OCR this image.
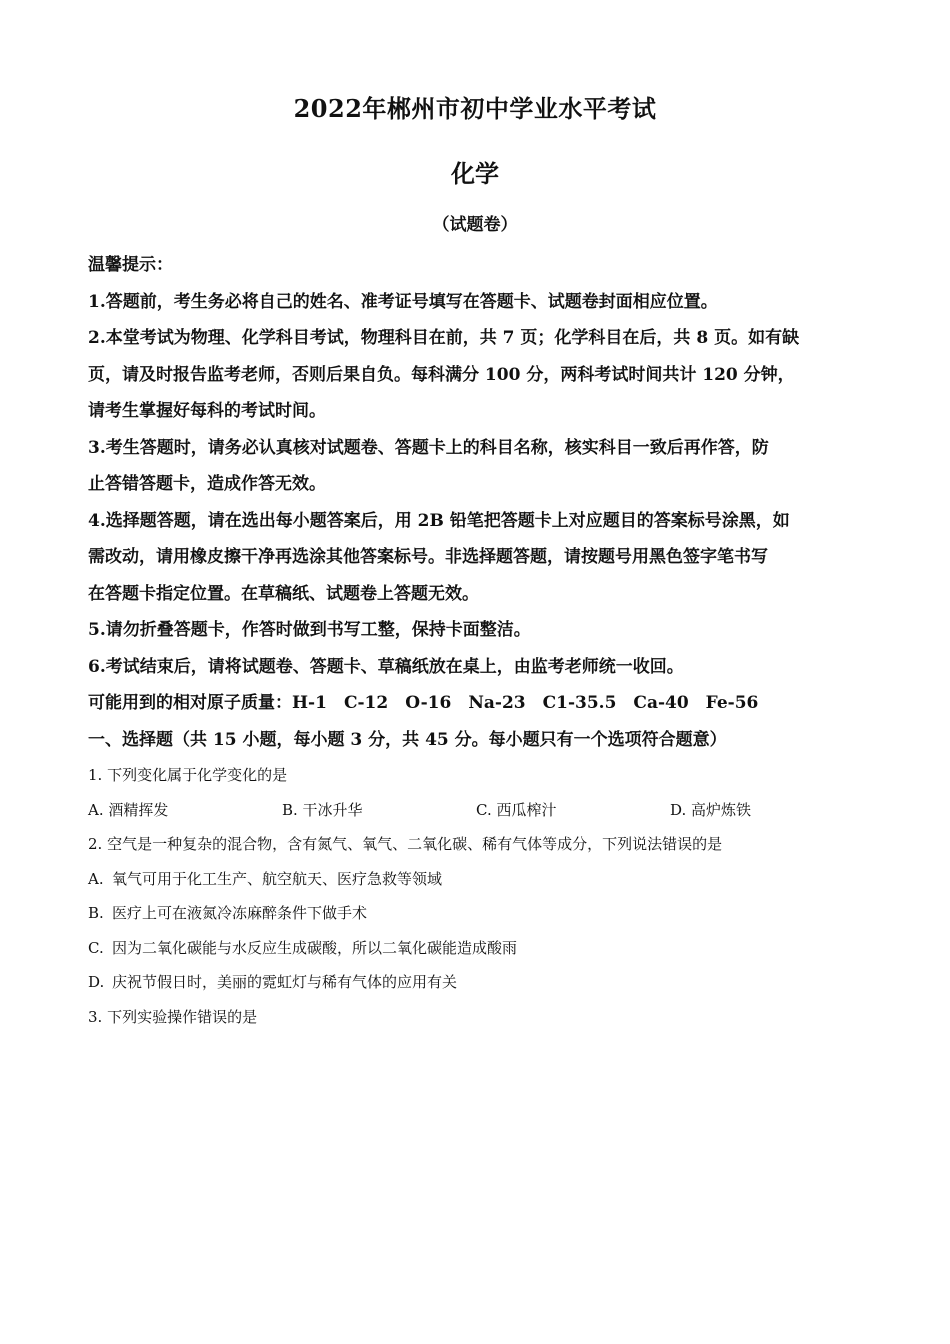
2022年郴州市初中学业水平考试
化学
（试题卷）

温馨提示：

1.答题前，考生务必将自己的姓名、准考证号填写在答题卡、试题卷封面相应位置。

2.本堂考试为物理、化学科目考试，物理科目在前，共 7 页；化学科目在后，共 8 页。如有缺

页，请及时报告监考老师，否则后果自负。每科满分 100 分，两科考试时间共计 120 分钟，

请考生掌握好每科的考试时间。

3.考生答题时，请务必认真核对试题卷、答题卡上的科目名称，核实科目一致后再作答，防

止答错答题卡，造成作答无效。

4.选择题答题，请在选出每小题答案后，用 2B 铅笔把答题卡上对应题目的答案标号涂黑，如

需改动，请用橡皮擦干净再选涂其他答案标号。非选择题答题，请按题号用黑色签字笔书写

在答题卡指定位置。在草稿纸、试题卷上答题无效。

5.请勿折叠答题卡，作答时做到书写工整，保持卡面整洁。

6.考试结束后，请将试题卷、答题卡、草稿纸放在桌上，由监考老师统一收回。

可能用到的相对原子质量：H-1　C-12　O-16　Na-23　C1-35.5　Ca-40　Fe-56

一、选择题（共 15 小题，每小题 3 分，共 45 分。每小题只有一个选项符合题意）

1. 下列变化属于化学变化的是

A. 酒精挥发	B. 干冰升华	C. 西瓜榨汁	D. 高炉炼铁

2. 空气是一种复杂的混合物，含有氮气、氧气、二氧化碳、稀有气体等成分，下列说法错误的是

A. 氧气可用于化工生产、航空航天、医疗急救等领域

B. 医疗上可在液氮冷冻麻醉条件下做手术

C. 因为二氧化碳能与水反应生成碳酸，所以二氧化碳能造成酸雨

D. 庆祝节假日时，美丽的霓虹灯与稀有气体的应用有关

3. 下列实验操作错误的是
